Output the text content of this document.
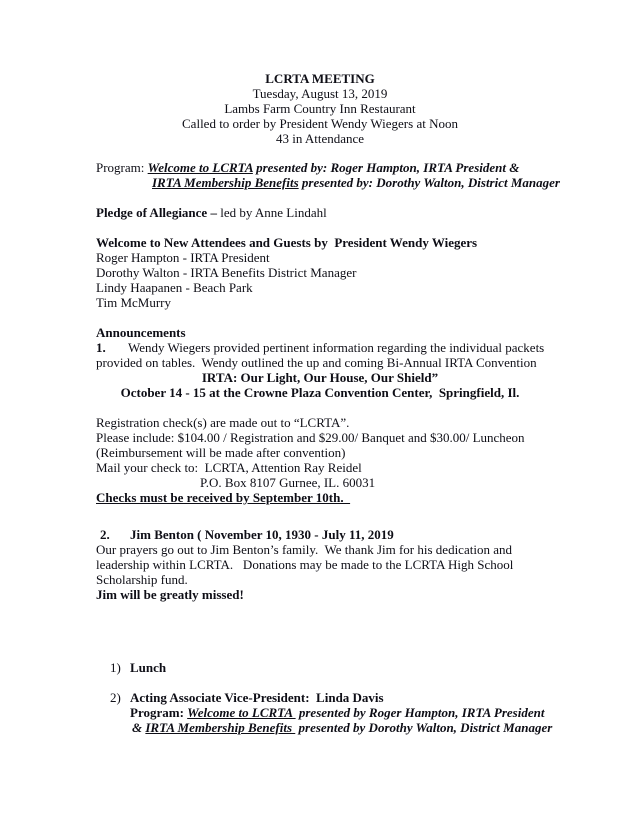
LCRTA MEETING
Tuesday, August 13, 2019
Lambs Farm Country Inn Restaurant
Called to order by President Wendy Wiegers at Noon
43 in Attendance
Program: Welcome to LCRTA presented by: Roger Hampton, IRTA President &
IRTA Membership Benefits presented by: Dorothy Walton, District Manager
Pledge of Allegiance – led by Anne Lindahl
Welcome to New Attendees and Guests by  President Wendy Wiegers
Roger Hampton - IRTA President
Dorothy Walton - IRTA Benefits District Manager
Lindy Haapanen - Beach Park
Tim McMurry
Announcements
1. Wendy Wiegers provided pertinent information regarding the individual packets
provided on tables.  Wendy outlined the up and coming Bi-Annual IRTA Convention
IRTA: Our Light, Our House, Our Shield”
October 14 - 15 at the Crowne Plaza Convention Center,  Springfield, Il.
Registration check(s) are made out to “LCRTA”.
Please include: $104.00 / Registration and $29.00/ Banquet and $30.00/ Luncheon
(Reimbursement will be made after convention)
Mail your check to:  LCRTA, Attention Ray Reidel
P.O. Box 8107 Gurnee, IL. 60031
Checks must be received by September 10th.
2. Jim Benton ( November 10, 1930 - July 11, 2019
Our prayers go out to Jim Benton’s family.  We thank Jim for his dedication and
leadership within LCRTA.   Donations may be made to the LCRTA High School
Scholarship fund.
Jim will be greatly missed!
1) Lunch
2) Acting Associate Vice-President:  Linda Davis
Program: Welcome to LCRTA  presented by Roger Hampton, IRTA President
& IRTA Membership Benefits  presented by Dorothy Walton, District Manager
